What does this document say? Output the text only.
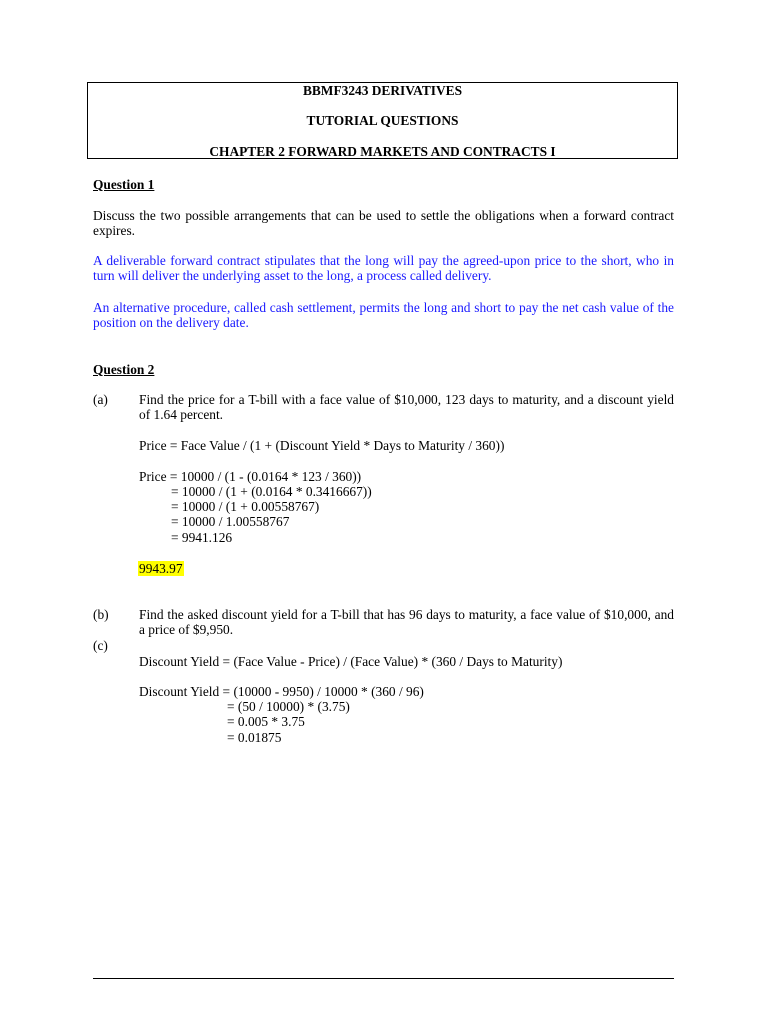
BBMF3243 DERIVATIVES
TUTORIAL QUESTIONS
CHAPTER 2 FORWARD MARKETS AND CONTRACTS I
Question 1
Discuss the two possible arrangements that can be used to settle the obligations when a forward contract expires.
A deliverable forward contract stipulates that the long will pay the agreed-upon price to the short, who in turn will deliver the underlying asset to the long, a process called delivery.
An alternative procedure, called cash settlement, permits the long and short to pay the net cash value of the position on the delivery date.
Question 2
(a) Find the price for a T-bill with a face value of $10,000, 123 days to maturity, and a discount yield of 1.64 percent.
Price = Face Value / (1 + (Discount Yield * Days to Maturity / 360))
Price = 10000 / (1 - (0.0164 * 123 / 360))
= 10000 / (1 + (0.0164 * 0.3416667))
= 10000 / (1 + 0.00558767)
= 10000 / 1.00558767
= 9941.126
9943.97
(b) Find the asked discount yield for a T-bill that has 96 days to maturity, a face value of $10,000, and a price of $9,950.
(c)
Discount Yield = (Face Value - Price) / (Face Value) * (360 / Days to Maturity)
Discount Yield = (10000 - 9950) / 10000 * (360 / 96)
= (50 / 10000) * (3.75)
= 0.005 * 3.75
= 0.01875
